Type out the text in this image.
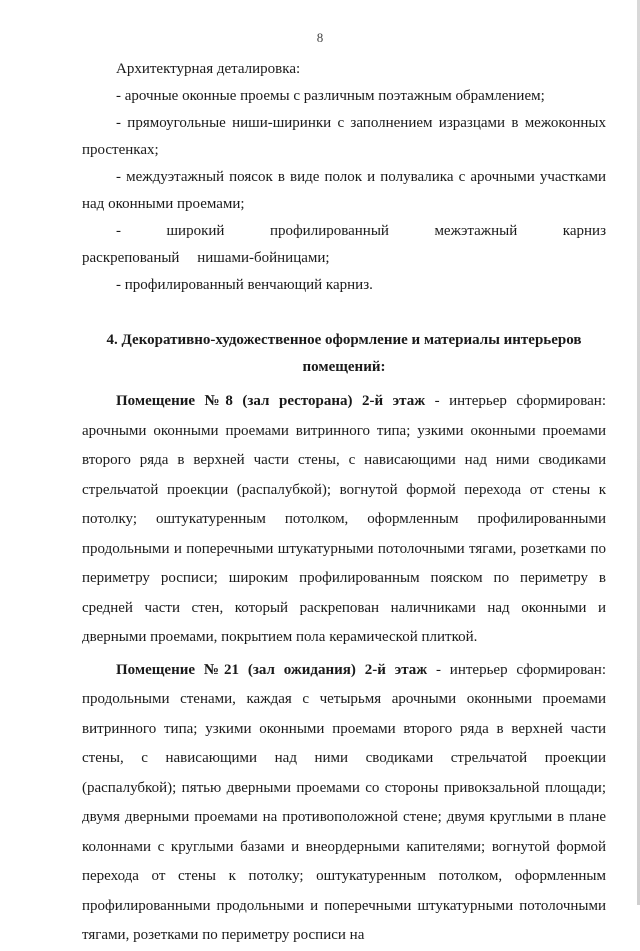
8

Архитектурная деталировка:

- арочные оконные проемы с различным поэтажным обрамлением;

- прямоугольные ниши-ширинки с заполнением изразцами в межоконных простенках;

- междуэтажный поясок в виде полок и полувалика с арочными участками над оконными проемами;

- широкий профилированный межэтажный карниз раскрепованый нишами-бойницами;

- профилированный венчающий карниз.

4. Декоративно-художественное оформление и материалы интерьеров
помещений:

Помещение №8 (зал ресторана) 2-й этаж - интерьер сформирован: арочными оконными проемами витринного типа; узкими оконными проемами второго ряда в верхней части стены, с нависающими над ними сводиками стрельчатой проекции (распалубкой); вогнутой формой перехода от стены к потолку; оштукатуренным потолком, оформленным профилированными продольными и поперечными штукатурными потолочными тягами, розетками по периметру росписи; широким профилированным пояском по периметру в средней части стен, который раскрепован наличниками над оконными и дверными проемами, покрытием пола керамической плиткой.

Помещение №21 (зал ожидания) 2-й этаж - интерьер сформирован: продольными стенами, каждая с четырьмя арочными оконными проемами витринного типа; узкими оконными проемами второго ряда в верхней части стены, с нависающими над ними сводиками стрельчатой проекции (распалубкой); пятью дверными проемами со стороны привокзальной площади; двумя дверными проемами на противоположной стене; двумя круглыми в плане колоннами с круглыми базами и внеордерными капителями; вогнутой формой перехода от стены к потолку; оштукатуренным потолком, оформленным профилированными продольными и поперечными штукатурными потолочными тягами, розетками по периметру росписи на
